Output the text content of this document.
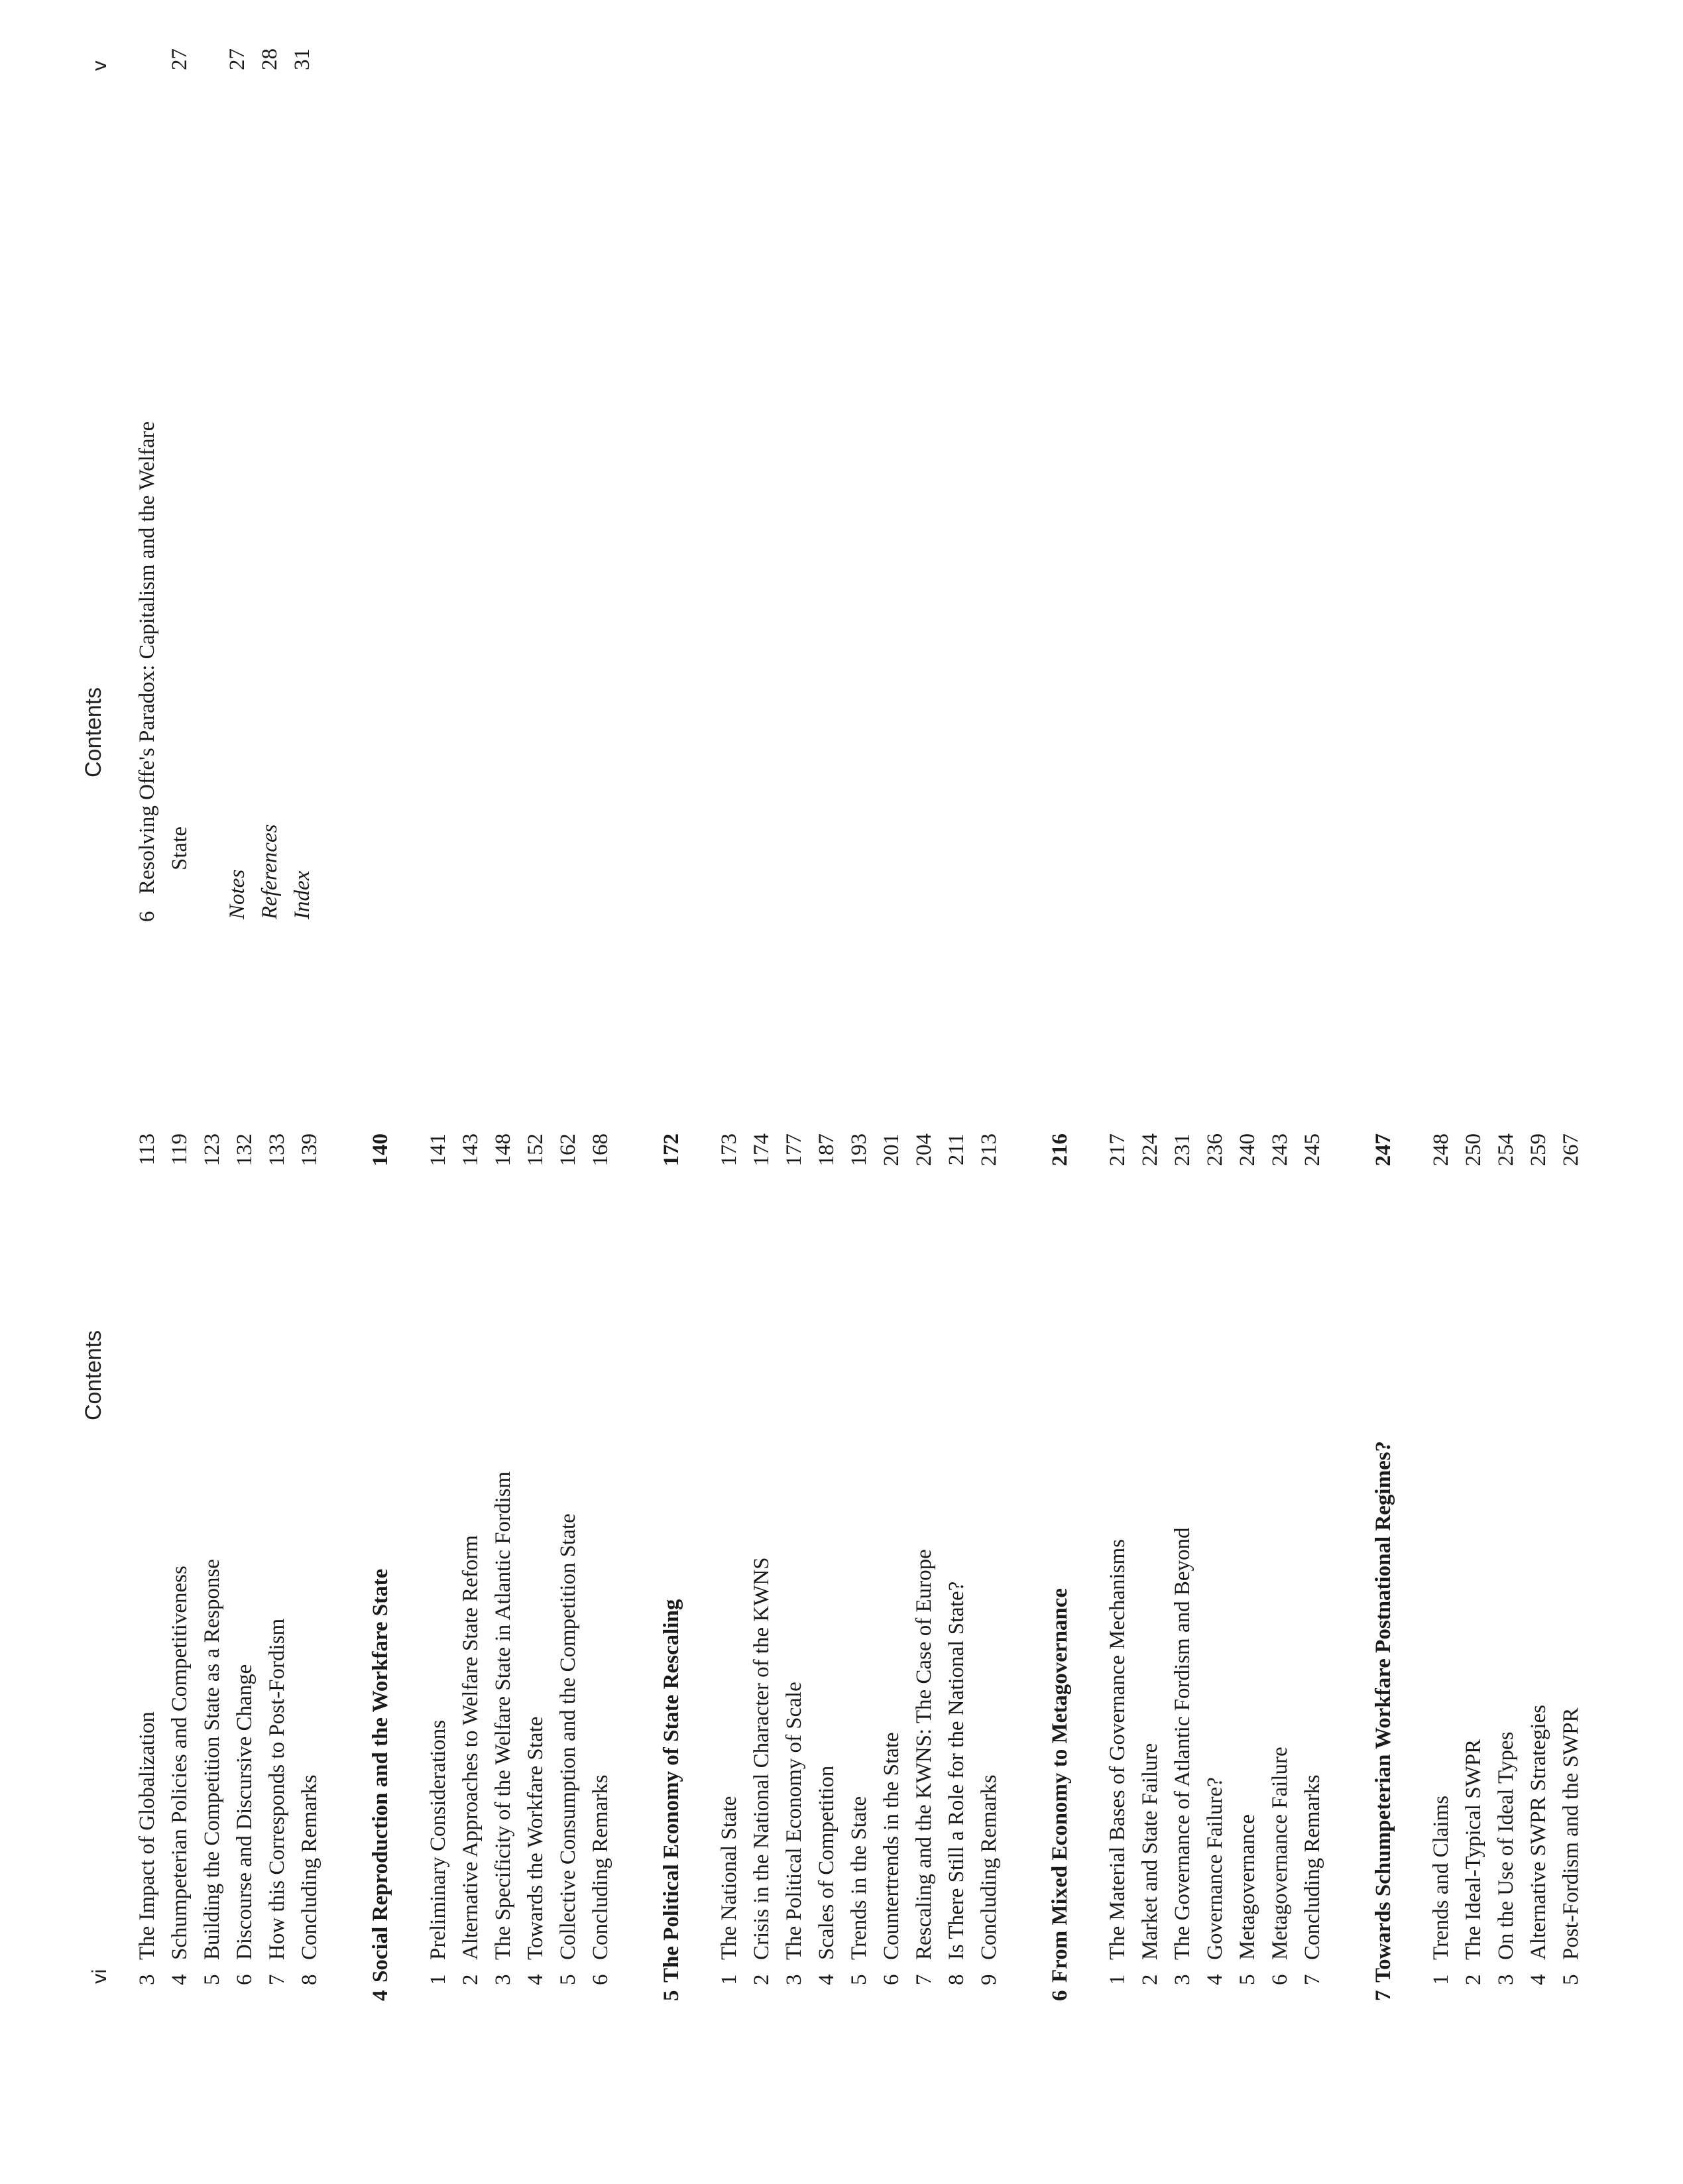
vi
Contents
3
The Impact of Globalization
113
4
Schumpeterian Policies and Competitiveness
119
5
Building the Competition State as a Response
123
6
Discourse and Discursive Change
132
7
How this Corresponds to Post-Fordism
133
8
Concluding Remarks
139
4
Social Reproduction and the Workfare State
140
1
Preliminary Considerations
141
2
Alternative Approaches to Welfare State Reform
143
3
The Specificity of the Welfare State in Atlantic Fordism
148
4
Towards the Workfare State
152
5
Collective Consumption and the Competition State
162
6
Concluding Remarks
168
5
The Political Economy of State Rescaling
172
1
The National State
173
2
Crisis in the National Character of the KWNS
174
3
The Political Economy of Scale
177
4
Scales of Competition
187
5
Trends in the State
193
6
Countertrends in the State
201
7
Rescaling and the KWNS: The Case of Europe
204
8
Is There Still a Role for the National State?
211
9
Concluding Remarks
213
6
From Mixed Economy to Metagovernance
216
1
The Material Bases of Governance Mechanisms
217
2
Market and State Failure
224
3
The Governance of Atlantic Fordism and Beyond
231
4
Governance Failure?
236
5
Metagovernance
240
6
Metagovernance Failure
243
7
Concluding Remarks
245
7
Towards Schumpeterian Workfare Postnational Regimes?
247
1
Trends and Claims
248
2
The Ideal-Typical SWPR
250
3
On the Use of Ideal Types
254
4
Alternative SWPR Strategies
259
5
Post-Fordism and the SWPR
267
Contents
v
6
Resolving Offe's Paradox: Capitalism and the Welfare State
27
Notes
27
References
28
Index
31
